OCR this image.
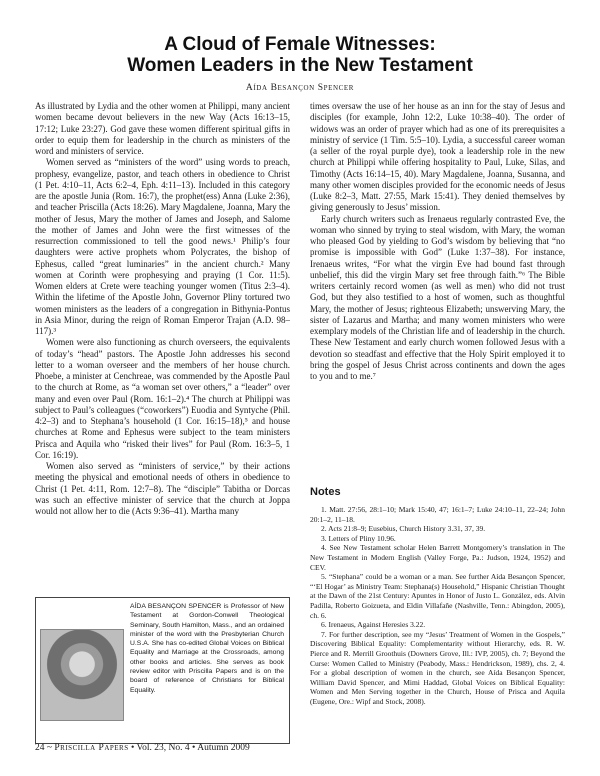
A Cloud of Female Witnesses:
Women Leaders in the New Testament
Aída Besançon Spencer

As illustrated by Lydia and the other women at Philippi, many ancient women became devout believers in the new Way (Acts 16:13–15, 17:12; Luke 23:27). God gave these women different spiritual gifts in order to equip them for leadership in the church as ministers of the word and ministers of service.

Women served as “ministers of the word” using words to preach, prophesy, evangelize, pastor, and teach others in obedience to Christ (1 Pet. 4:10–11, Acts 6:2–4, Eph. 4:11–13). Included in this category are the apostle Junia (Rom. 16:7), the prophet(ess) Anna (Luke 2:36), and teacher Priscilla (Acts 18:26). Mary Magdalene, Joanna, Mary the mother of Jesus, Mary the mother of James and Joseph, and Salome the mother of James and John were the first witnesses of the resurrection commissioned to tell the good news.¹ Philip’s four daughters were active prophets whom Polycrates, the bishop of Ephesus, called “great luminaries” in the ancient church.² Many women at Corinth were prophesying and praying (1 Cor. 11:5). Women elders at Crete were teaching younger women (Titus 2:3–4). Within the lifetime of the Apostle John, Governor Pliny tortured two women ministers as the leaders of a congregation in Bithynia-Pontus in Asia Minor, during the reign of Roman Emperor Trajan (A.D. 98–117).³

Women were also functioning as church overseers, the equivalents of today’s “head” pastors. The Apostle John addresses his second letter to a woman overseer and the members of her house church. Phoebe, a minister at Cenchreae, was commended by the Apostle Paul to the church at Rome, as “a woman set over others,” a “leader” over many and even over Paul (Rom. 16:1–2).⁴ The church at Philippi was subject to Paul’s colleagues (“coworkers”) Euodia and Syntyche (Phil. 4:2–3) and to Stephana’s household (1 Cor. 16:15–18),⁵ and house churches at Rome and Ephesus were subject to the team ministers Prisca and Aquila who “risked their lives” for Paul (Rom. 16:3–5, 1 Cor. 16:19).

Women also served as “ministers of service,” by their actions meeting the physical and emotional needs of others in obedience to Christ (1 Pet. 4:11, Rom. 12:7–8). The “disciple” Tabitha or Dorcas was such an effective minister of service that the church at Joppa would not allow her to die (Acts 9:36–41). Martha many

times oversaw the use of her house as an inn for the stay of Jesus and disciples (for example, John 12:2, Luke 10:38–40). The order of widows was an order of prayer which had as one of its prerequisites a ministry of service (1 Tim. 5:5–10). Lydia, a successful career woman (a seller of the royal purple dye), took a leadership role in the new church at Philippi while offering hospitality to Paul, Luke, Silas, and Timothy (Acts 16:14–15, 40). Mary Magdalene, Joanna, Susanna, and many other women disciples provided for the economic needs of Jesus (Luke 8:2–3, Matt. 27:55, Mark 15:41). They denied themselves by giving generously to Jesus’ mission.

Early church writers such as Irenaeus regularly contrasted Eve, the woman who sinned by trying to steal wisdom, with Mary, the woman who pleased God by yielding to God’s wisdom by believing that “no promise is impossible with God” (Luke 1:37–38). For instance, Irenaeus writes, “For what the virgin Eve had bound fast through unbelief, this did the virgin Mary set free through faith.”⁶ The Bible writers certainly record women (as well as men) who did not trust God, but they also testified to a host of women, such as thoughtful Mary, the mother of Jesus; righteous Elizabeth; unswerving Mary, the sister of Lazarus and Martha; and many women ministers who were exemplary models of the Christian life and of leadership in the church. These New Testament and early church women followed Jesus with a devotion so steadfast and effective that the Holy Spirit employed it to bring the gospel of Jesus Christ across continents and down the ages to you and to me.⁷

Notes

1. Matt. 27:56, 28:1–10; Mark 15:40, 47; 16:1–7; Luke 24:10–11, 22–24; John 20:1–2, 11–18.

2. Acts 21:8–9; Eusebius, Church History 3.31, 37, 39.

3. Letters of Pliny 10.96.

4. See New Testament scholar Helen Barrett Montgomery’s translation in The New Testament in Modern English (Valley Forge, Pa.: Judson, 1924, 1952) and CEV.

5. “Stephana” could be a woman or a man. See further Aída Besançon Spencer, “‘El Hogar’ as Ministry Team: Stephana(s) Household,” Hispanic Christian Thought at the Dawn of the 21st Century: Apuntes in Honor of Justo L. González, eds. Alvin Padilla, Roberto Goizueta, and Eldin Villafañe (Nashville, Tenn.: Abingdon, 2005), ch. 6.

6. Irenaeus, Against Heresies 3.22.

7. For further description, see my “Jesus’ Treatment of Women in the Gospels,” Discovering Biblical Equality: Complementarity without Hierarchy, eds. R. W. Pierce and R. Merrill Groothuis (Downers Grove, Ill.: IVP, 2005), ch. 7; Beyond the Curse: Women Called to Ministry (Peabody, Mass.: Hendrickson, 1989), chs. 2, 4. For a global description of women in the church, see Aída Besançon Spencer, William David Spencer, and Mimi Haddad, Global Voices on Biblical Equality: Women and Men Serving together in the Church, House of Prisca and Aquila (Eugene, Ore.: Wipf and Stock, 2008).

AÍDA BESANÇON SPENCER is Professor of New Testament at Gordon-Conwell Theological Seminary, South Hamilton, Mass., and an ordained minister of the word with the Presbyterian Church U.S.A. She has co-edited Global Voices on Biblical Equality and Marriage at the Crossroads, among other books and articles. She serves as book review editor with Priscilla Papers and is on the board of reference of Christians for Biblical Equality.
24 ~ Priscilla Papers • Vol. 23, No. 4 • Autumn 2009
